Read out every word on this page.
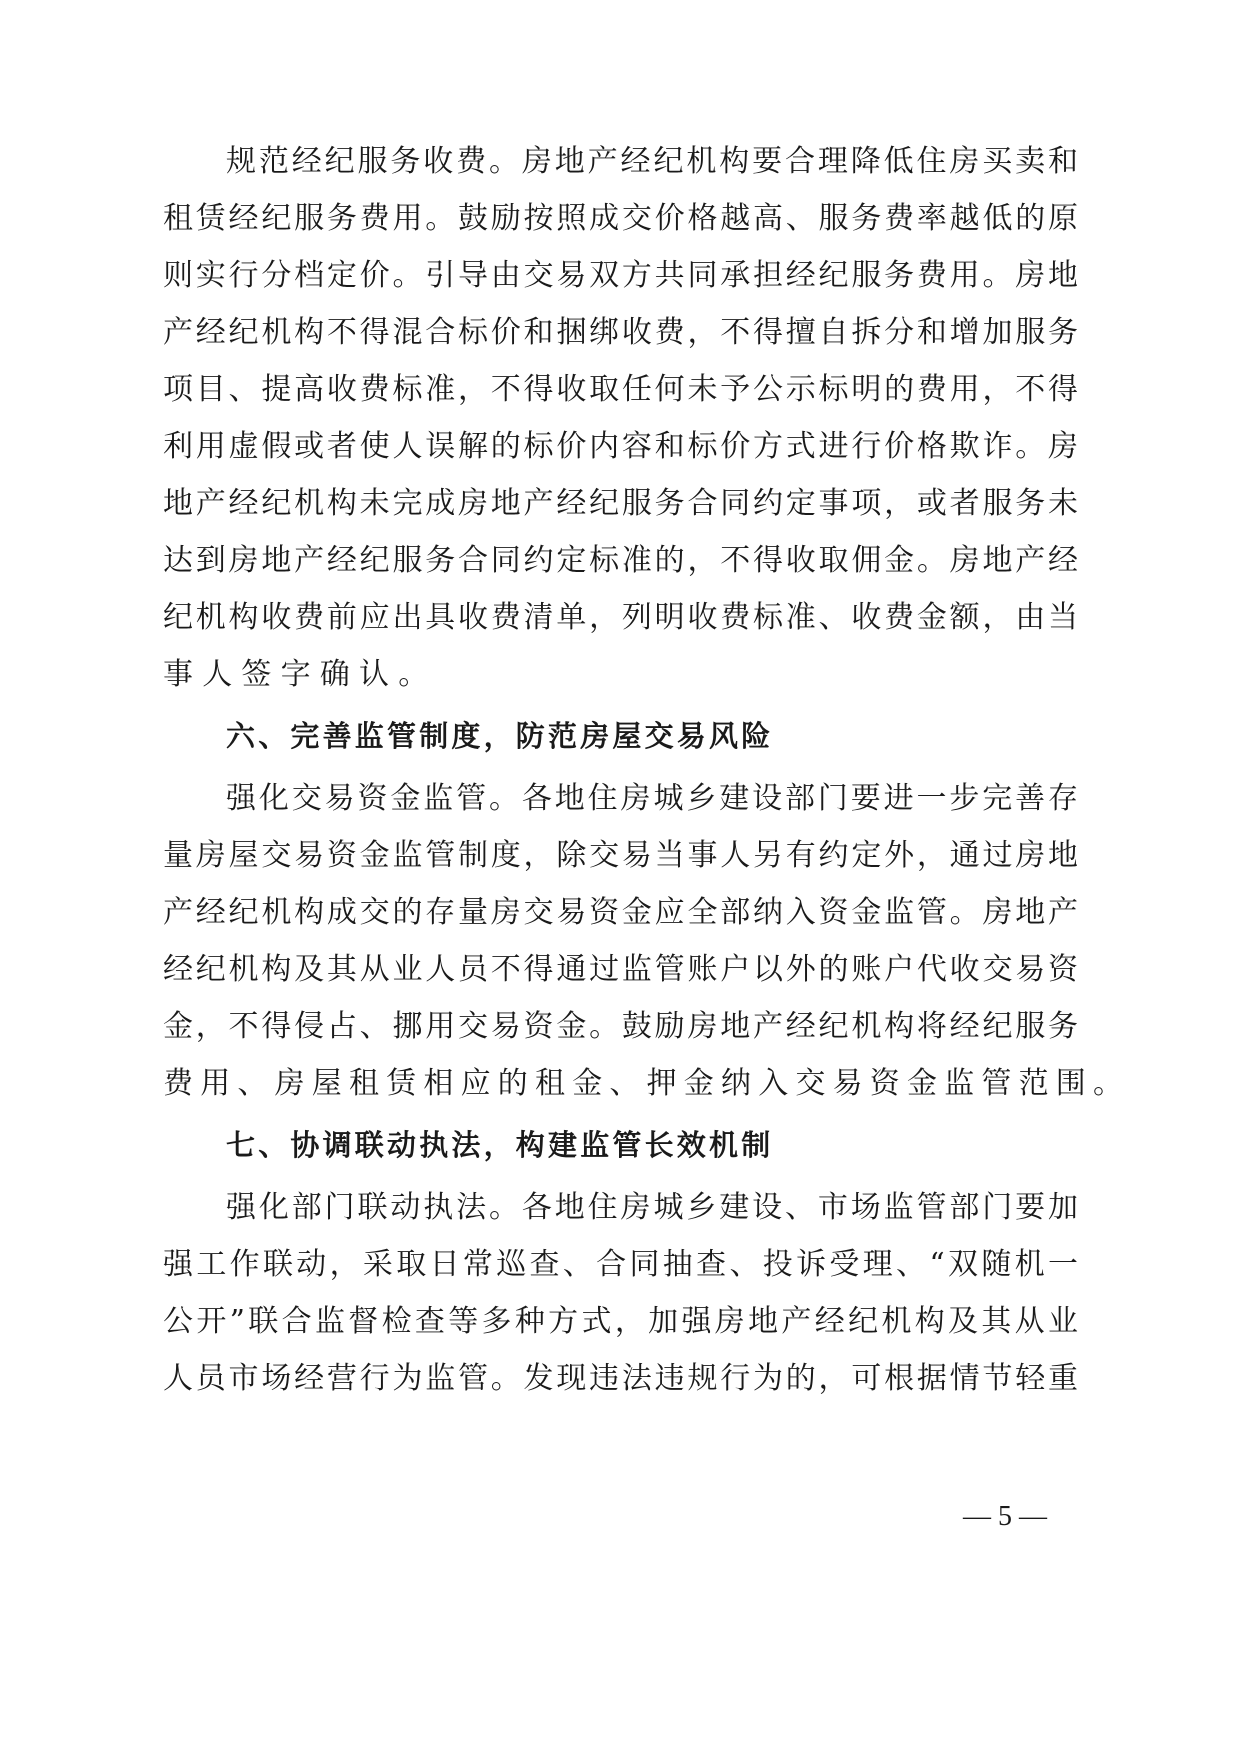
规范经纪服务收费。房地产经纪机构要合理降低住房买卖和
租赁经纪服务费用。鼓励按照成交价格越高、服务费率越低的原
则实行分档定价。引导由交易双方共同承担经纪服务费用。房地
产经纪机构不得混合标价和捆绑收费，不得擅自拆分和增加服务
项目、提高收费标准，不得收取任何未予公示标明的费用，不得
利用虚假或者使人误解的标价内容和标价方式进行价格欺诈。房
地产经纪机构未完成房地产经纪服务合同约定事项，或者服务未
达到房地产经纪服务合同约定标准的，不得收取佣金。房地产经
纪机构收费前应出具收费清单，列明收费标准、收费金额，由当
事人签字确认。
六、完善监管制度，防范房屋交易风险
强化交易资金监管。各地住房城乡建设部门要进一步完善存
量房屋交易资金监管制度，除交易当事人另有约定外，通过房地
产经纪机构成交的存量房交易资金应全部纳入资金监管。房地产
经纪机构及其从业人员不得通过监管账户以外的账户代收交易资
金，不得侵占、挪用交易资金。鼓励房地产经纪机构将经纪服务
费用、房屋租赁相应的租金、押金纳入交易资金监管范围。
七、协调联动执法，构建监管长效机制
强化部门联动执法。各地住房城乡建设、市场监管部门要加
强工作联动，采取日常巡查、合同抽查、投诉受理、“双随机一
公开”联合监督检查等多种方式，加强房地产经纪机构及其从业
人员市场经营行为监管。发现违法违规行为的，可根据情节轻重
— 5 —
